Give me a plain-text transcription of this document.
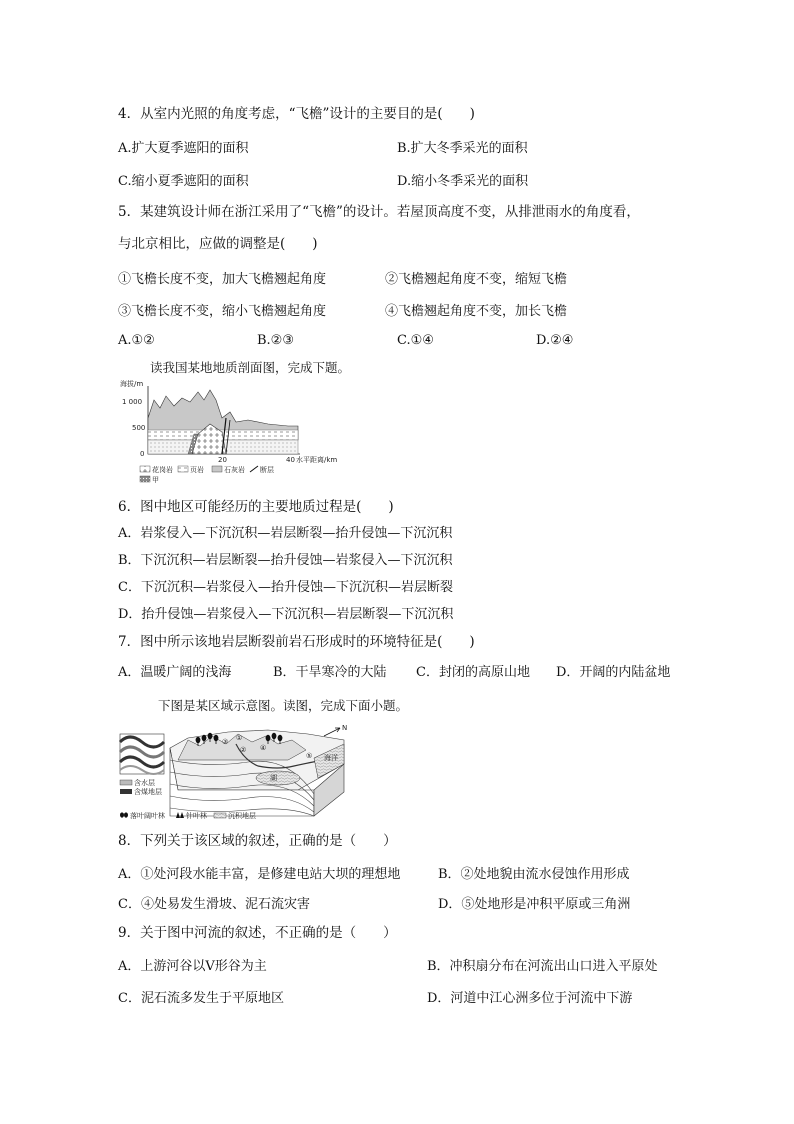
4．从室内光照的角度考虑，“飞檐”设计的主要目的是(　　)
A.扩大夏季遮阳的面积	B.扩大冬季采光的面积
C.缩小夏季遮阳的面积	D.缩小冬季采光的面积
5．某建筑设计师在浙江采用了“飞檐”的设计。若屋顶高度不变，从排泄雨水的角度看，
与北京相比，应做的调整是(　　)
①飞檐长度不变，加大飞檐翘起角度	②飞檐翘起角度不变，缩短飞檐
③飞檐长度不变，缩小飞檐翘起角度	④飞檐翘起角度不变，加长飞檐
A.①②	B.②③	C.①④	D.②④
读我国某地地质剖面图，完成下题。
海拔/m
1 000
500
0
20	40 水平距离/km
花岗岩 页岩	石灰岩 断层
甲
6．图中地区可能经历的主要地质过程是(　　)
A．岩浆侵入—下沉沉积—岩层断裂—抬升侵蚀—下沉沉积
B．下沉沉积—岩层断裂—抬升侵蚀—岩浆侵入—下沉沉积
C．下沉沉积—岩浆侵入—抬升侵蚀—下沉沉积—岩层断裂
D．抬升侵蚀—岩浆侵入—下沉沉积—岩层断裂—下沉沉积
7．图中所示该地岩层断裂前岩石形成时的环境特征是(　　)
A．温暖广阔的浅海	B．干旱寒冷的大陆 C．封闭的高原山地 D．开阔的内陆盆地
下图是某区域示意图。读图，完成下面小题。
含水层
含煤地层
①
②
③
④
⑤
湖
海洋
N
落叶阔叶林	针叶林	沉积地层
8．下列关于该区域的叙述，正确的是（　　）
A．①处河段水能丰富，是修建电站大坝的理想地	B．②处地貌由流水侵蚀作用形成
C．④处易发生滑坡、泥石流灾害	D．⑤处地形是冲积平原或三角洲
9．关于图中河流的叙述，不正确的是（　　）
A．上游河谷以V形谷为主	B．冲积扇分布在河流出山口进入平原处
C．泥石流多发生于平原地区	D．河道中江心洲多位于河流中下游
